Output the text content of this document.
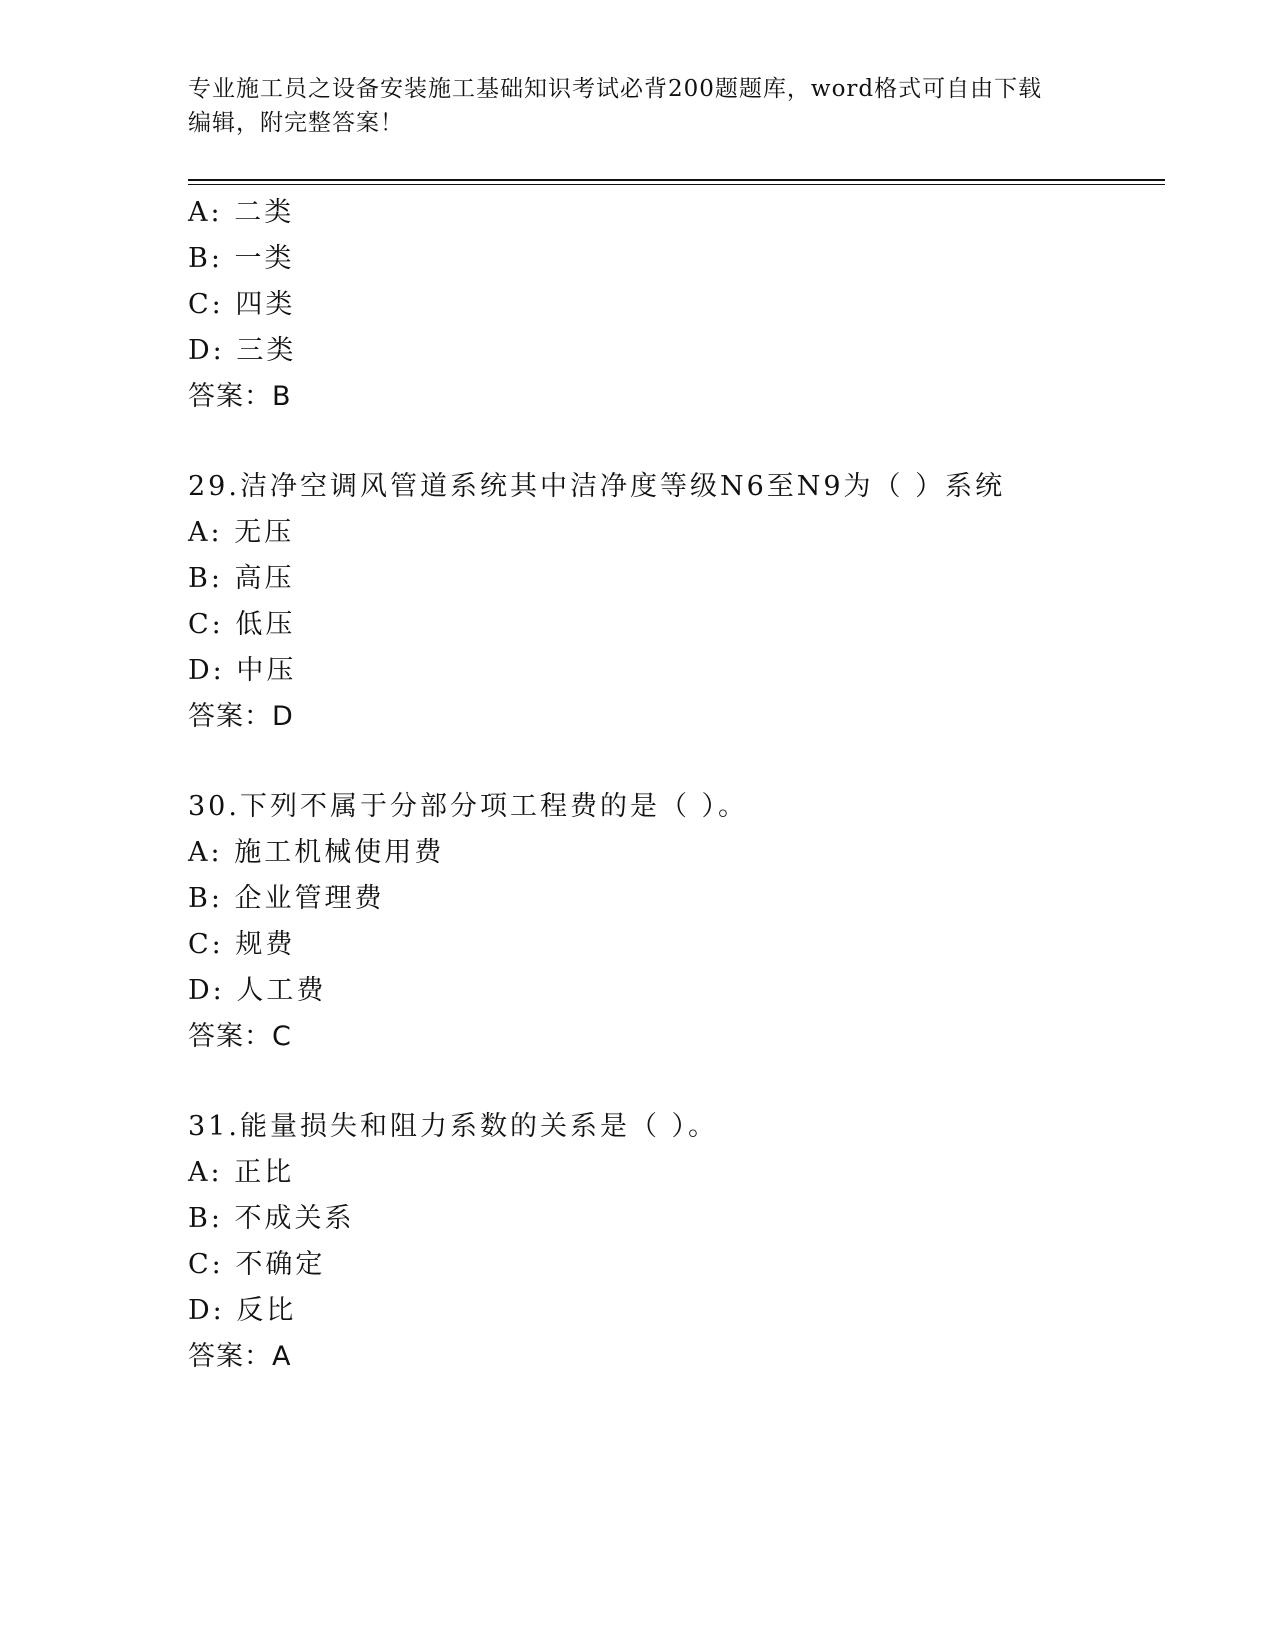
专业施工员之设备安装施工基础知识考试必背200题题库，word格式可自由下载
编辑，附完整答案！
A: 二类
B: 一类
C: 四类
D: 三类
答案：B
29.洁净空调风管道系统其中洁净度等级N6至N9为（ ）系统
A: 无压
B: 高压
C: 低压
D: 中压
答案：D
30.下列不属于分部分项工程费的是（ ）。
A: 施工机械使用费
B: 企业管理费
C: 规费
D: 人工费
答案：C
31.能量损失和阻力系数的关系是（ ）。
A: 正比
B: 不成关系
C: 不确定
D: 反比
答案：A
